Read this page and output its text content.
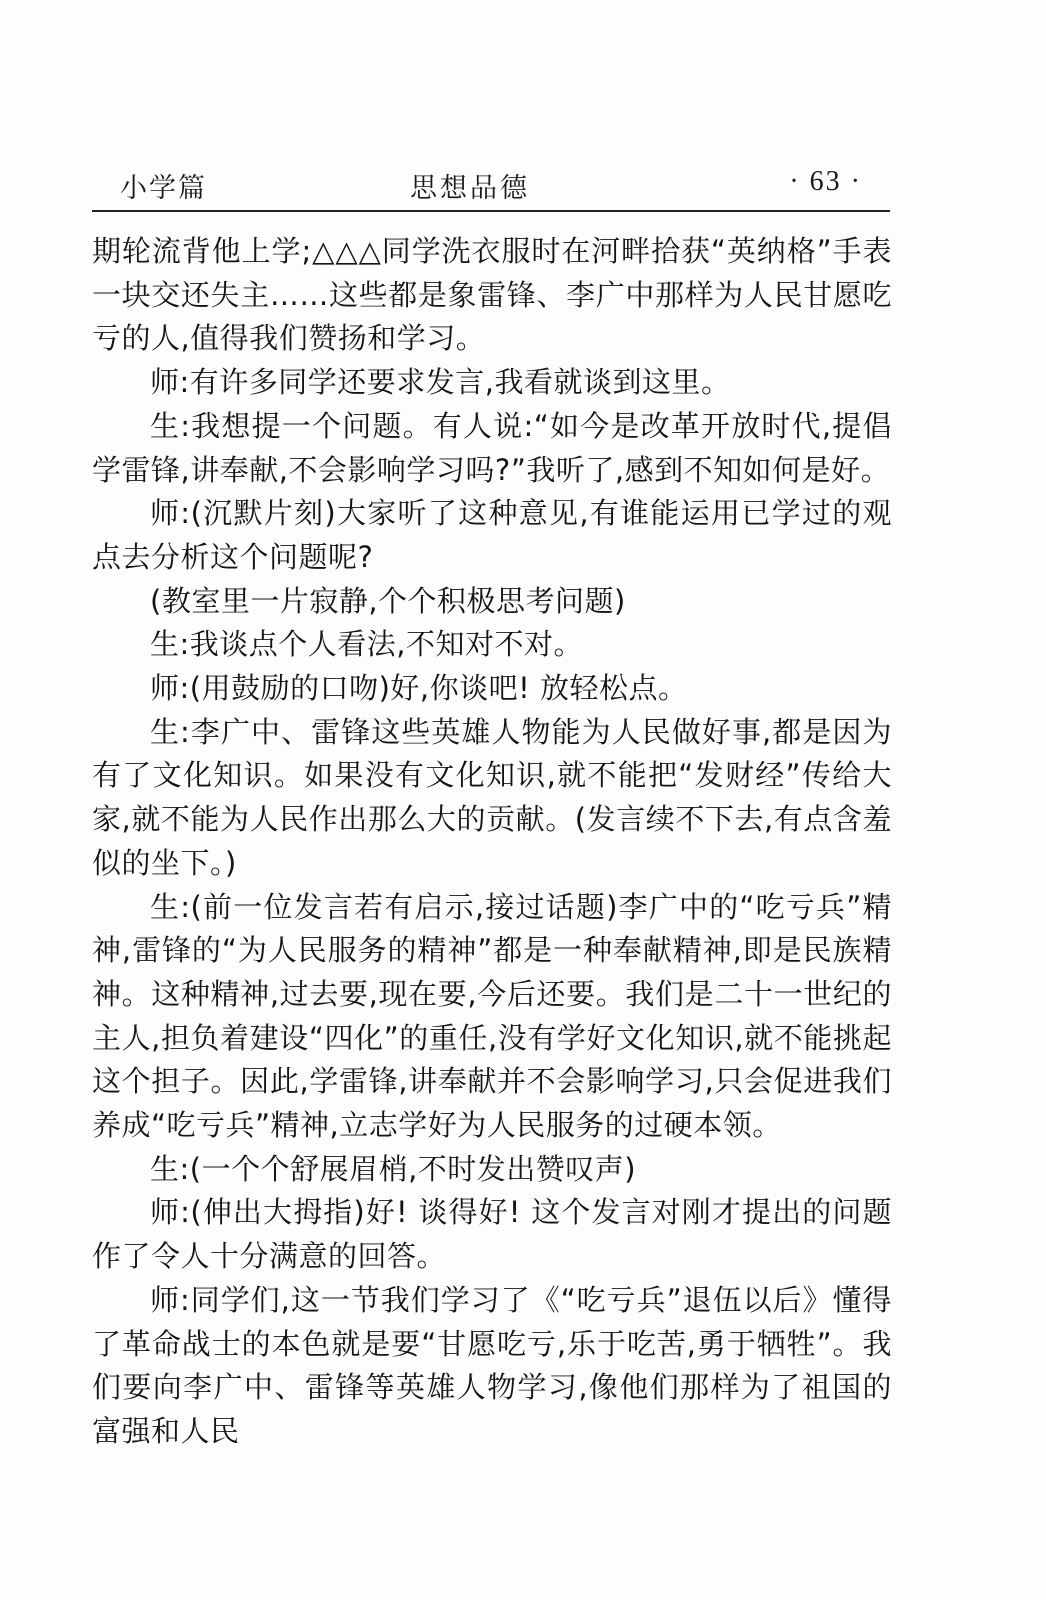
小学篇	思想品德	· 63 ·

期轮流背他上学;△△△同学洗衣服时在河畔拾获“英纳格”手表一块交还失主……这些都是象雷锋、李广中那样为人民甘愿吃亏的人,值得我们赞扬和学习。

师:有许多同学还要求发言,我看就谈到这里。

生:我想提一个问题。有人说:“如今是改革开放时代,提倡学雷锋,讲奉献,不会影响学习吗?”我听了,感到不知如何是好。

师:(沉默片刻)大家听了这种意见,有谁能运用已学过的观点去分析这个问题呢?

(教室里一片寂静,个个积极思考问题)

生:我谈点个人看法,不知对不对。

师:(用鼓励的口吻)好,你谈吧! 放轻松点。

生:李广中、雷锋这些英雄人物能为人民做好事,都是因为有了文化知识。如果没有文化知识,就不能把“发财经”传给大家,就不能为人民作出那么大的贡献。(发言续不下去,有点含羞似的坐下。)

生:(前一位发言若有启示,接过话题)李广中的“吃亏兵”精神,雷锋的“为人民服务的精神”都是一种奉献精神,即是民族精神。这种精神,过去要,现在要,今后还要。我们是二十一世纪的主人,担负着建设“四化”的重任,没有学好文化知识,就不能挑起这个担子。因此,学雷锋,讲奉献并不会影响学习,只会促进我们养成“吃亏兵”精神,立志学好为人民服务的过硬本领。

生:(一个个舒展眉梢,不时发出赞叹声)

师:(伸出大拇指)好! 谈得好! 这个发言对刚才提出的问题作了令人十分满意的回答。

师:同学们,这一节我们学习了《“吃亏兵”退伍以后》懂得了革命战士的本色就是要“甘愿吃亏,乐于吃苦,勇于牺牲”。我们要向李广中、雷锋等英雄人物学习,像他们那样为了祖国的富强和人民
